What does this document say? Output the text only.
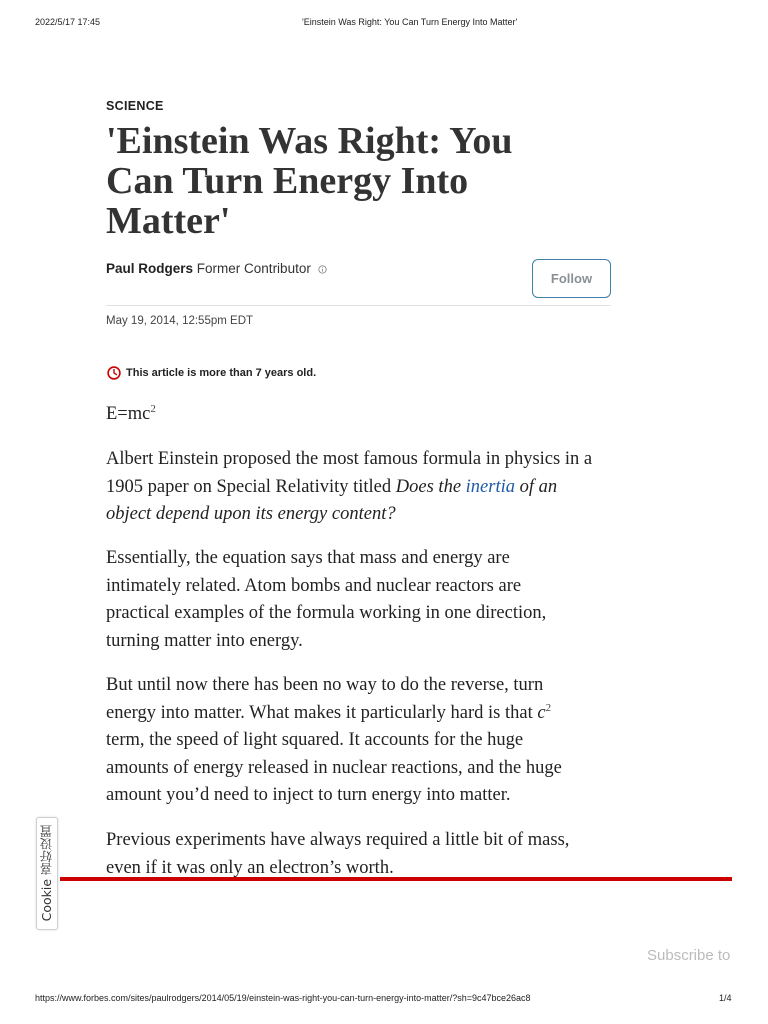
2022/5/17 17:45	'Einstein Was Right: You Can Turn Energy Into Matter'
SCIENCE
'Einstein Was Right: You Can Turn Energy Into Matter'
Paul Rodgers Former Contributor
Follow
May 19, 2014, 12:55pm EDT
This article is more than 7 years old.
$E=mc^2$
Albert Einstein proposed the most famous formula in physics in a
1905 paper on Special Relativity titled Does the inertia of an
object depend upon its energy content?
Essentially, the equation says that mass and energy are
intimately related. Atom bombs and nuclear reactors are
practical examples of the formula working in one direction,
turning matter into energy.
But until now there has been no way to do the reverse, turn
energy into matter. What makes it particularly hard is that $c^2$
term, the speed of light squared. It accounts for the huge
amounts of energy released in nuclear reactions, and the huge
amount you’d need to inject to turn energy into matter.
Previous experiments have always required a little bit of mass,
even if it was only an electron’s worth.
Cookie 喜好设置
Subscribe to
https://www.forbes.com/sites/paulrodgers/2014/05/19/einstein-was-right-you-can-turn-energy-into-matter/?sh=9c47bce26ac8	1/4
